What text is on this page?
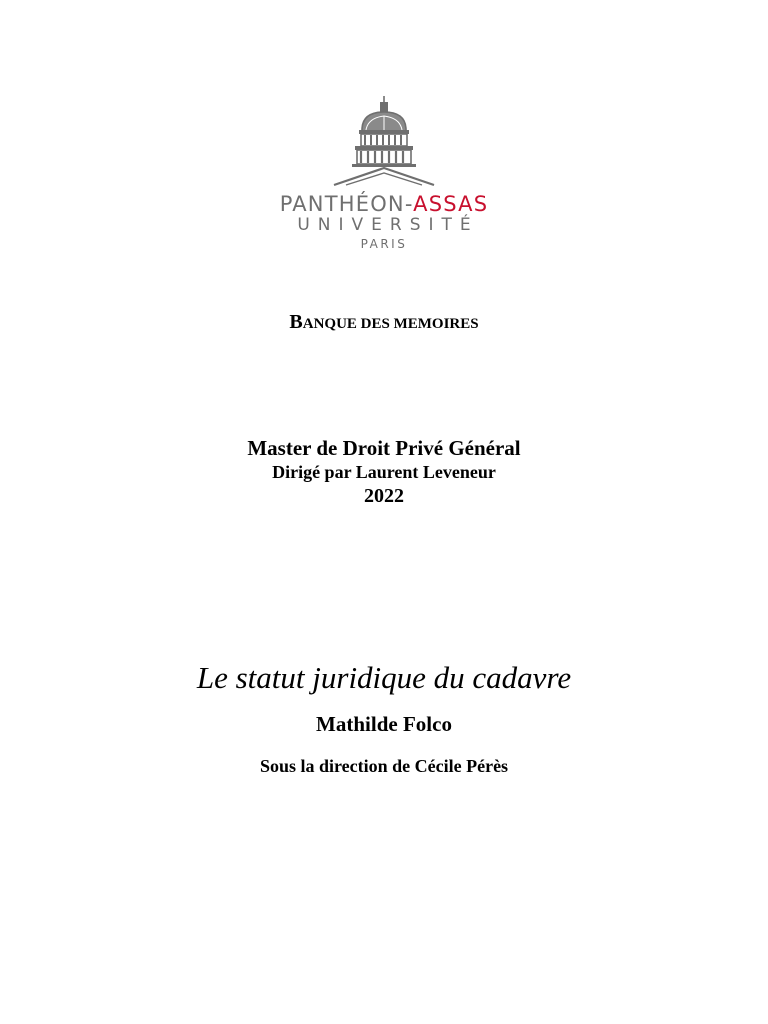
PANTHÉON-ASSAS
UNIVERSITÉ
PARIS
BANQUE DES MEMOIRES
Master de Droit Privé Général
Dirigé par Laurent Leveneur
2022
Le statut juridique du cadavre
Mathilde Folco
Sous la direction de Cécile Pérès
